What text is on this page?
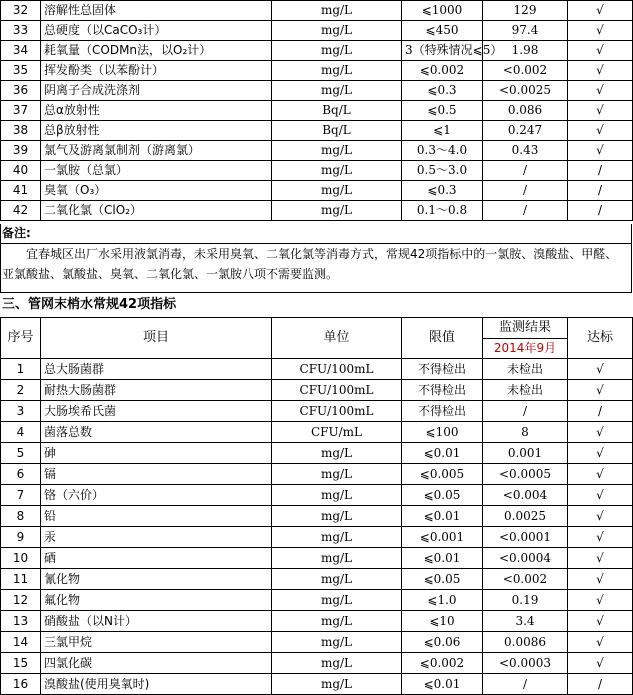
32	溶解性总固体	mg/L	⩽1000	129	√
33	总硬度（以CaCO₃计）	mg/L	⩽450	97.4	√
34	耗氧量（CODMn法，以O₂计）	mg/L	3（特殊情况⩽5）	1.98	√
35	挥发酚类（以苯酚计）	mg/L	⩽0.002	<0.002	√
36	阴离子合成洗涤剂	mg/L	⩽0.3	<0.0025	√
37	总α放射性	Bq/L	⩽0.5	0.086	√
38	总β放射性	Bq/L	⩽1	0.247	√
39	氯气及游离氯制剂（游离氯）	mg/L	0.3～4.0	0.43	√
40	一氯胺（总氯）	mg/L	0.5～3.0	/	/
41	臭氧（O₃）	mg/L	⩽0.3	/	/
42	二氧化氯（ClO₂）	mg/L	0.1～0.8	/	/
备注:
宜春城区出厂水采用液氯消毒，未采用臭氧、二氧化氯等消毒方式，常规42项指标中的一氯胺、溴酸盐、甲醛、亚氯酸盐、氯酸盐、臭氧、二氧化氯、一氯胺八项不需要监测。
三、管网末梢水常规42项指标
序号	项目	单位	限值	监测结果	达标
				2014年9月	
1	总大肠菌群	CFU/100mL	不得检出	未检出	√
2	耐热大肠菌群	CFU/100mL	不得检出	未检出	√
3	大肠埃希氏菌	CFU/100mL	不得检出	/	/
4	菌落总数	CFU/mL	⩽100	8	√
5	砷	mg/L	⩽0.01	0.001	√
6	镉	mg/L	⩽0.005	<0.0005	√
7	铬（六价）	mg/L	⩽0.05	<0.004	√
8	铅	mg/L	⩽0.01	0.0025	√
9	汞	mg/L	⩽0.001	<0.0001	√
10	硒	mg/L	⩽0.01	<0.0004	√
11	氰化物	mg/L	⩽0.05	<0.002	√
12	氟化物	mg/L	⩽1.0	0.19	√
13	硝酸盐（以N计）	mg/L	⩽10	3.4	√
14	三氯甲烷	mg/L	⩽0.06	0.0086	√
15	四氯化碳	mg/L	⩽0.002	<0.0003	√
16	溴酸盐(使用臭氧时)	mg/L	⩽0.01	/	/
